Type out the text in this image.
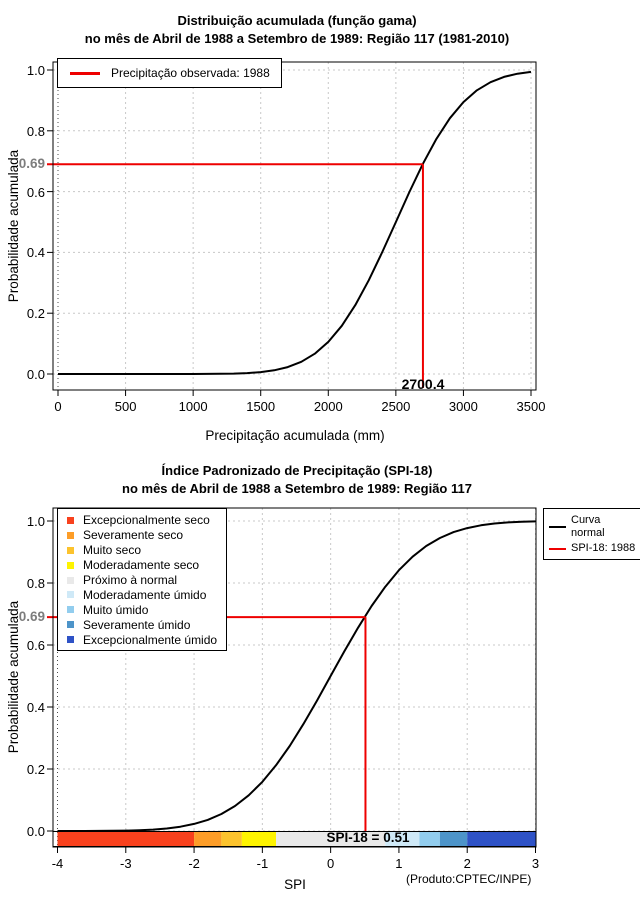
Distribuição acumulada (função gama)
no mês de Abril de 1988 a Setembro de 1989: Região 117 (1981-2010)
Probabilidade acumulada
Precipitação acumulada (mm)
0.69
2700.4
Precipitação observada: 1988
Índice Padronizado de Precipitação (SPI-18)
no mês de Abril de 1988 a Setembro de 1989: Região 117
Probabilidade acumulada
SPI
0.69
SPI-18 = 0.51
(Produto:CPTEC/INPE)
Excepcionalmente seco
Severamente seco
Muito seco
Moderadamente seco
Próximo à normal
Moderadamente úmido
Muito úmido
Severamente úmido
Excepcionalmente úmido
Curva normal
SPI-18: 1988
0	500	1000	1500	2000	2500	3000	3500
0.0
0.2
0.4
0.6
0.8
1.0
-4	-3	-2	-1	0	1	2	3
0.0
0.2
0.4
0.6
0.8
1.0
